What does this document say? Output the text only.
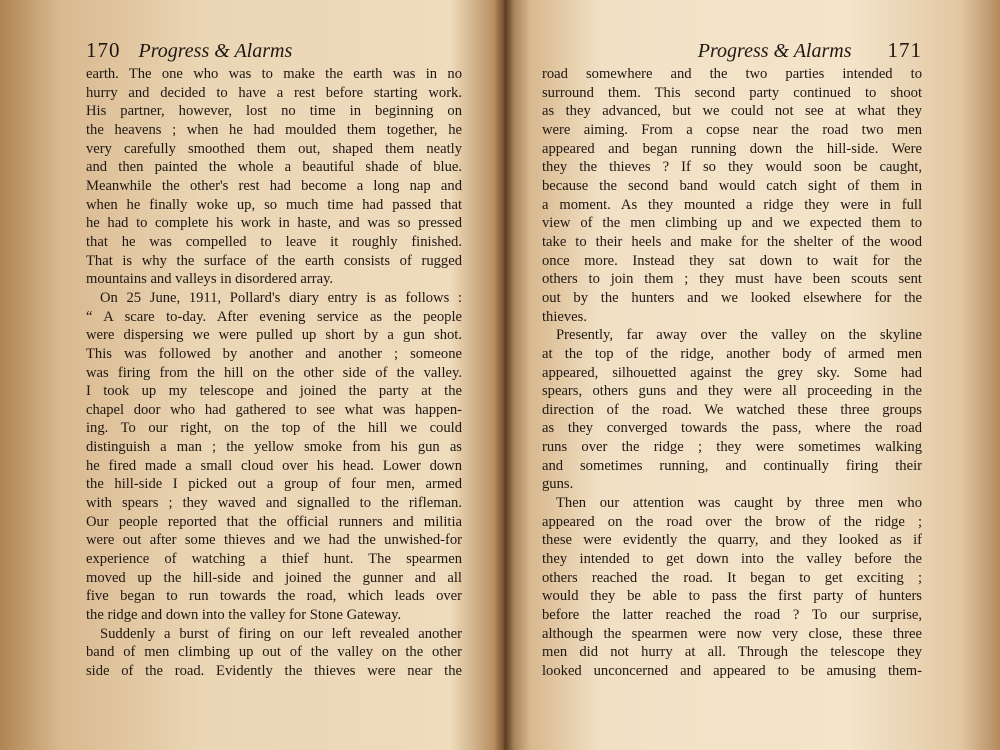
170 Progress & Alarms
earth. The one who was to make the earth was in no
hurry and decided to have a rest before starting work.
His partner, however, lost no time in beginning on
the heavens ; when he had moulded them together, he
very carefully smoothed them out, shaped them neatly
and then painted the whole a beautiful shade of blue.
Meanwhile the other's rest had become a long nap and
when he finally woke up, so much time had passed that
he had to complete his work in haste, and was so pressed
that he was compelled to leave it roughly finished.
That is why the surface of the earth consists of rugged
mountains and valleys in disordered array.
On 25 June, 1911, Pollard's diary entry is as follows :
“ A scare to-day. After evening service as the people
were dispersing we were pulled up short by a gun shot.
This was followed by another and another ; someone
was firing from the hill on the other side of the valley.
I took up my telescope and joined the party at the
chapel door who had gathered to see what was happen-
ing. To our right, on the top of the hill we could
distinguish a man ; the yellow smoke from his gun as
he fired made a small cloud over his head. Lower down
the hill-side I picked out a group of four men, armed
with spears ; they waved and signalled to the rifleman.
Our people reported that the official runners and militia
were out after some thieves and we had the unwished-for
experience of watching a thief hunt. The spearmen
moved up the hill-side and joined the gunner and all
five began to run towards the road, which leads over
the ridge and down into the valley for Stone Gateway.
Suddenly a burst of firing on our left revealed another
band of men climbing up out of the valley on the other
side of the road. Evidently the thieves were near the
Progress & Alarms 171
road somewhere and the two parties intended to
surround them. This second party continued to shoot
as they advanced, but we could not see at what they
were aiming. From a copse near the road two men
appeared and began running down the hill-side. Were
they the thieves ? If so they would soon be caught,
because the second band would catch sight of them in
a moment. As they mounted a ridge they were in full
view of the men climbing up and we expected them to
take to their heels and make for the shelter of the wood
once more. Instead they sat down to wait for the
others to join them ; they must have been scouts sent
out by the hunters and we looked elsewhere for the
thieves.
Presently, far away over the valley on the skyline
at the top of the ridge, another body of armed men
appeared, silhouetted against the grey sky. Some had
spears, others guns and they were all proceeding in the
direction of the road. We watched these three groups
as they converged towards the pass, where the road
runs over the ridge ; they were sometimes walking
and sometimes running, and continually firing their
guns.
Then our attention was caught by three men who
appeared on the road over the brow of the ridge ;
these were evidently the quarry, and they looked as if
they intended to get down into the valley before the
others reached the road. It began to get exciting ;
would they be able to pass the first party of hunters
before the latter reached the road ? To our surprise,
although the spearmen were now very close, these three
men did not hurry at all. Through the telescope they
looked unconcerned and appeared to be amusing them-
